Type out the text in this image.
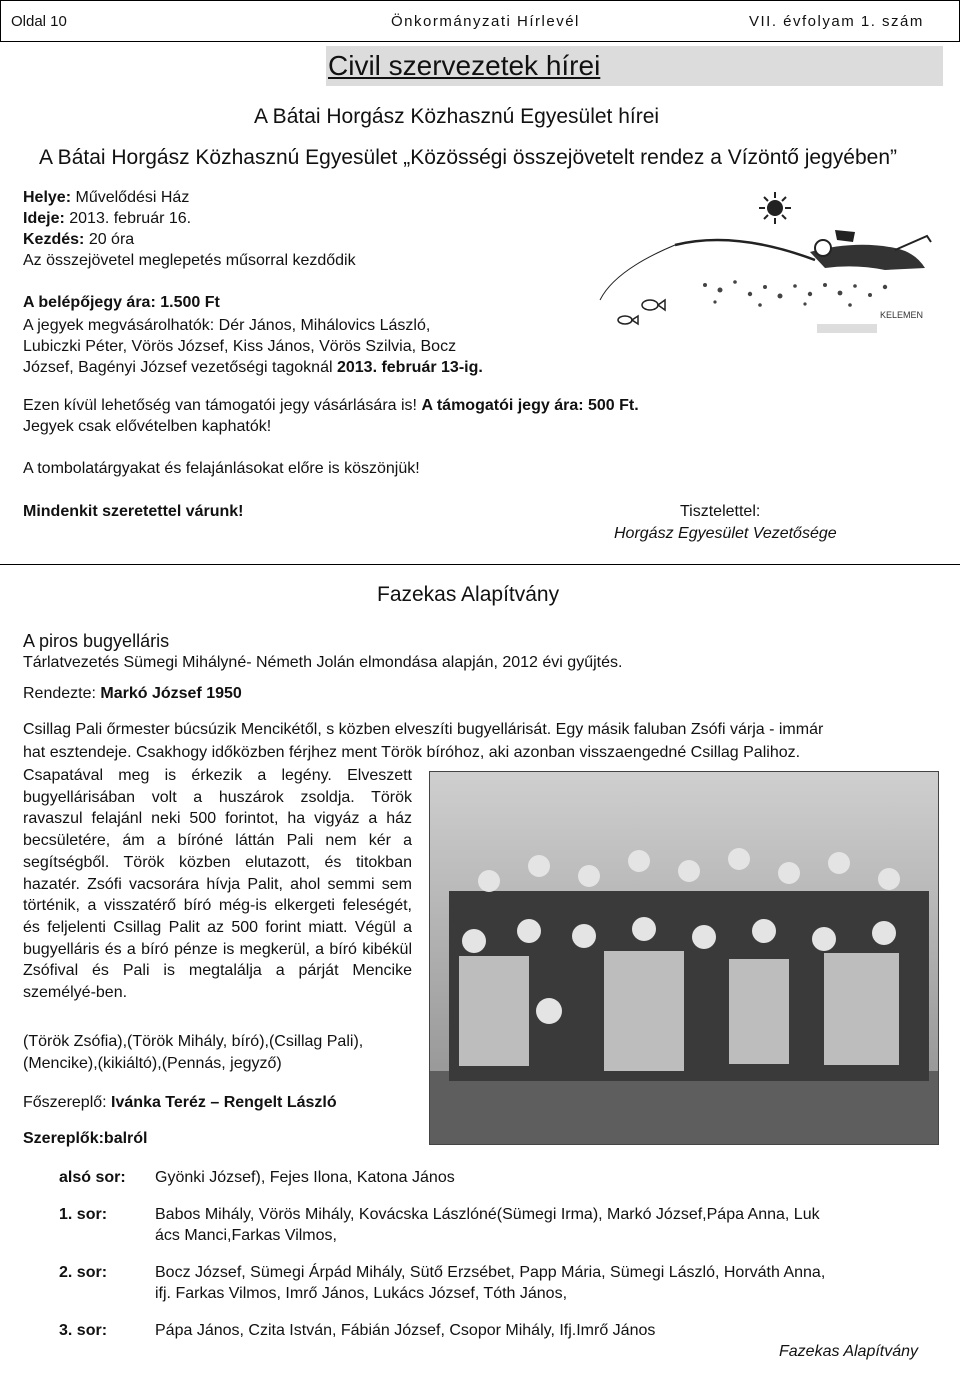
Oldal 10	Önkormányzati Hírlevél	VII. évfolyam 1. szám
Civil szervezetek hírei
A Bátai Horgász Közhasznú Egyesület hírei
A Bátai Horgász Közhasznú Egyesület „Közösségi összejövetelt rendez a Vízöntő jegyében”
Helye: Művelődési Ház
Ideje: 2013. február 16.
Kezdés: 20 óra
Az összejövetel meglepetés műsorral kezdődik
A belépőjegy ára: 1.500 Ft
A jegyek megvásárolhatók: Dér János, Mihálovics László,
Lubiczki Péter, Vörös József, Kiss János, Vörös Szilvia, Bocz
József, Bagényi József vezetőségi tagoknál 2013. február 13-ig.
KELEMEN
Ezen kívül lehetőség van támogatói jegy vásárlására is! A támogatói jegy ára: 500 Ft.
Jegyek csak elővételben kaphatók!
A tombolatárgyakat és felajánlásokat előre is köszönjük!
Mindenkit szeretettel várunk!	Tisztelettel:
Horgász Egyesület Vezetősége
Fazekas Alapítvány
A piros bugyelláris
Tárlatvezetés Sümegi Mihályné- Németh Jolán elmondása alapján, 2012 évi gyűjtés.
Rendezte: Markó József 1950
Csillag Pali őrmester búcsúzik Mencikétől, s közben elveszíti bugyellárisát. Egy másik faluban Zsófi várja - immár
hat esztendeje. Csakhogy időközben férjhez ment Török bíróhoz, aki azonban visszaengedné Csillag Palihoz.
Csapatával meg is érkezik a legény. Elveszett bugyellárisában volt a huszárok zsoldja. Török ravaszul felajánl neki 500 forintot, ha vigyáz a ház becsületére, ám a bíróné láttán Pali nem kér a segítségből. Török közben elutazott, és titokban hazatér. Zsófi vacsorára hívja Palit, ahol semmi sem történik, a visszatérő bíró még-is elkergeti feleségét, és feljelenti Csillag Palit az 500 forint miatt. Végül a bugyelláris és a bíró pénze is megkerül, a bíró kibékül Zsófival és Pali is megtalálja a párját Mencike személyé-ben.
(Török Zsófia),(Török Mihály, bíró),(Csillag Pali),
(Mencike),(kikiáltó),(Pennás, jegyző)
Főszereplő: Ivánka Teréz – Rengelt László
Szereplők:balról
alsó sor: Gyönki József), Fejes Ilona, Katona János
1. sor:	Babos Mihály, Vörös Mihály, Kovácska Lászlóné(Sümegi Irma), Markó József,Pápa Anna, Luk
ács Manci,Farkas Vilmos,
2. sor:	Bocz József, Sümegi Árpád Mihály, Sütő Erzsébet, Papp Mária, Sümegi László, Horváth Anna,
ifj. Farkas Vilmos, Imrő János, Lukács József, Tóth János,
3. sor:	Pápa János, Czita István, Fábián József, Csopor Mihály, Ifj.Imrő János
Fazekas Alapítvány
